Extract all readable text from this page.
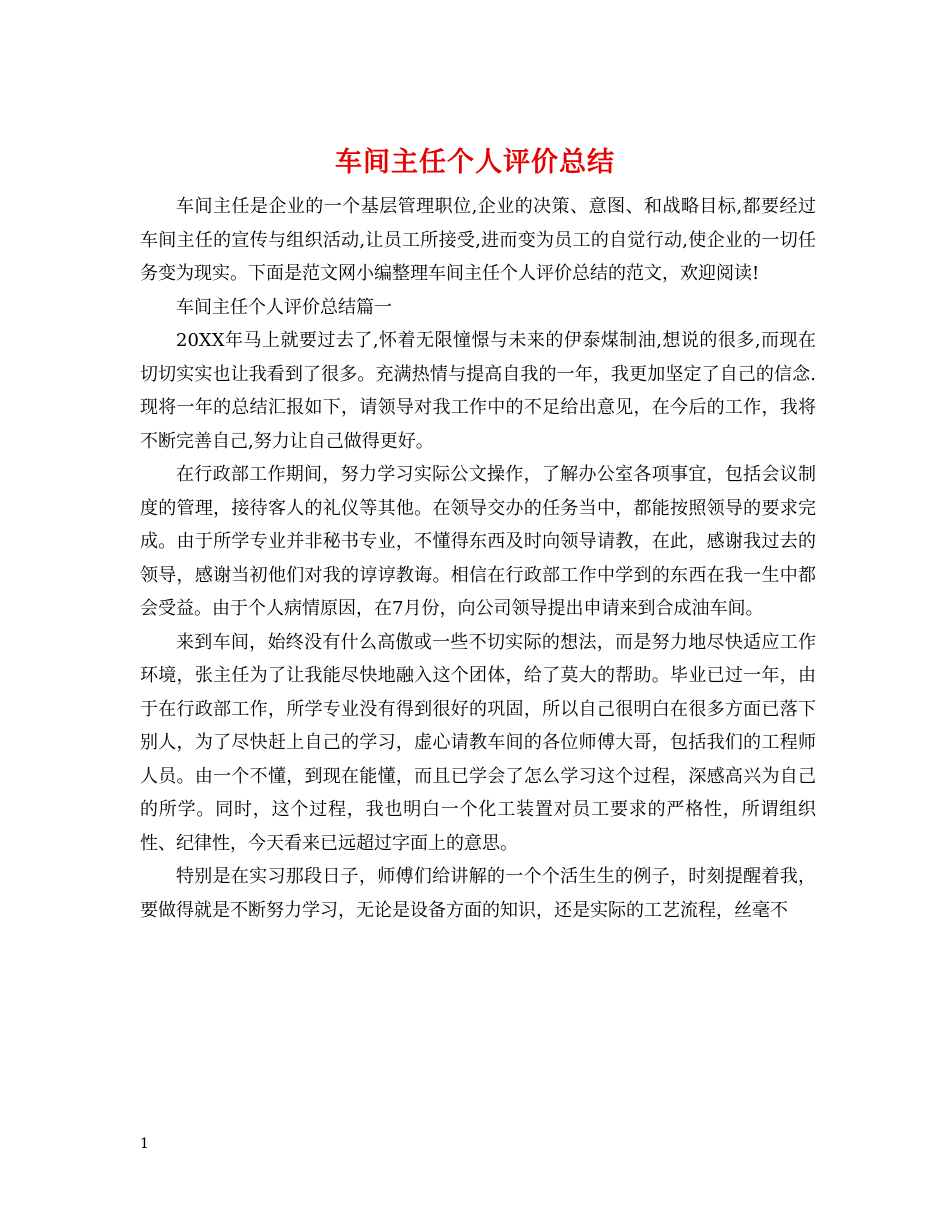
车间主任个人评价总结

车间主任是企业的一个基层管理职位,企业的决策、意图、和战略目标,都要经过车间主任的宣传与组织活动,让员工所接受,进而变为员工的自觉行动,使企业的一切任务变为现实。下面是范文网小编整理车间主任个人评价总结的范文，欢迎阅读!

车间主任个人评价总结篇一

20XX年马上就要过去了,怀着无限憧憬与未来的伊泰煤制油,想说的很多,而现在切切实实也让我看到了很多。充满热情与提高自我的一年，我更加坚定了自己的信念.现将一年的总结汇报如下，请领导对我工作中的不足给出意见，在今后的工作，我将不断完善自己,努力让自己做得更好。

在行政部工作期间，努力学习实际公文操作，了解办公室各项事宜，包括会议制度的管理，接待客人的礼仪等其他。在领导交办的任务当中，都能按照领导的要求完成。由于所学专业并非秘书专业，不懂得东西及时向领导请教，在此，感谢我过去的领导，感谢当初他们对我的谆谆教诲。相信在行政部工作中学到的东西在我一生中都会受益。由于个人病情原因，在7月份，向公司领导提出申请来到合成油车间。

来到车间，始终没有什么高傲或一些不切实际的想法，而是努力地尽快适应工作环境，张主任为了让我能尽快地融入这个团体，给了莫大的帮助。毕业已过一年，由于在行政部工作，所学专业没有得到很好的巩固，所以自己很明白在很多方面已落下别人，为了尽快赶上自己的学习，虚心请教车间的各位师傅大哥，包括我们的工程师人员。由一个不懂，到现在能懂，而且已学会了怎么学习这个过程，深感高兴为自己的所学。同时，这个过程，我也明白一个化工装置对员工要求的严格性，所谓组织性、纪律性，今天看来已远超过字面上的意思。

特别是在实习那段日子，师傅们给讲解的一个个活生生的例子，时刻提醒着我，要做得就是不断努力学习，无论是设备方面的知识，还是实际的工艺流程，丝毫不

1
